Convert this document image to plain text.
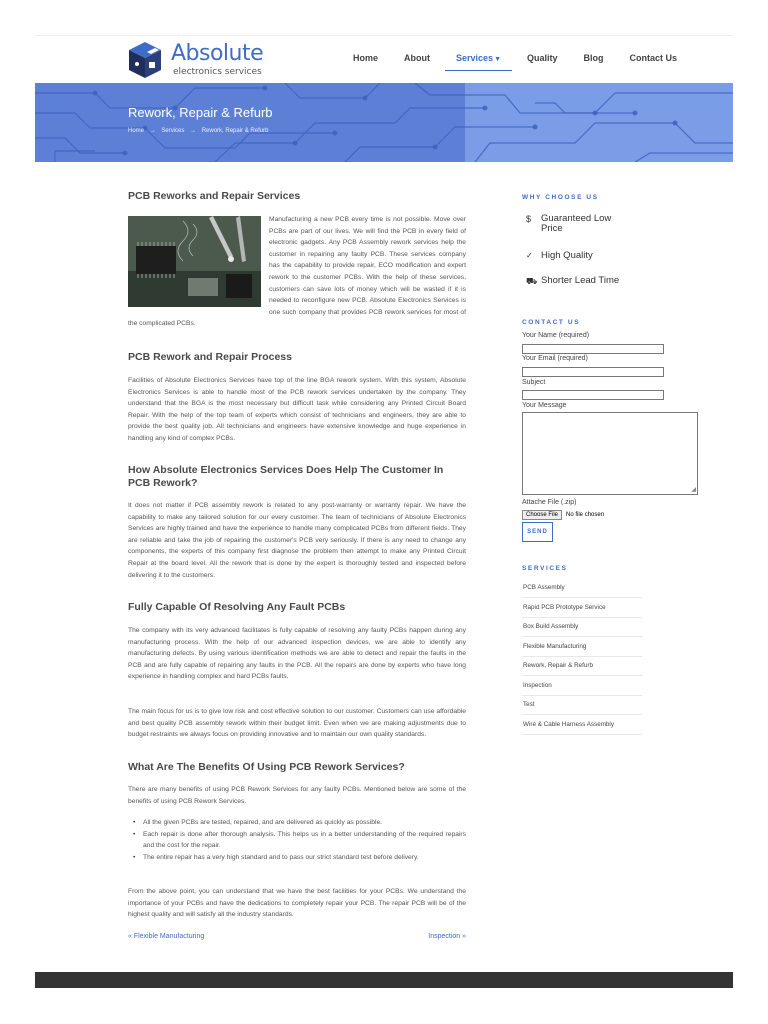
Absolute
electronics services
Home	About	Services▼	Quality	Blog	Contact Us
Rework, Repair & Refurb
Home → Services → Rework, Repair & Refurb
PCB Reworks and Repair Services

Manufacturing a new PCB every time is not possible. Move over PCBs are part of our lives. We will find the PCB in every field of electronic gadgets. Any PCB Assembly rework services help the customer in repairing any faulty PCB. These services company has the capability to provide repair, ECO modification and expert rework to the customer PCBs. With the help of these services, customers can save lots of money which will be wasted if it is needed to reconfigure new PCB. Absolute Electronics Services is one such company that provides PCB rework services for most of the complicated PCBs.

PCB Rework and Repair Process

Facilities of Absolute Electronics Services have top of the line BGA rework system. With this system, Absolute Electronics Services is able to handle most of the PCB rework services undertaken by the company. They understand that the BGA is the most necessary but difficult task while considering any Printed Circuit Board Repair. With the help of the top team of experts which consist of technicians and engineers, they are able to provide the best quality job. All technicians and engineers have extensive knowledge and huge experience in handling any kind of complex PCBs.

How Absolute Electronics Services Does Help The Customer In PCB Rework?

It does not matter if PCB assembly rework is related to any post-warranty or warranty repair. We have the capability to make any tailored solution for our every customer. The team of technicians of Absolute Electronics Services are highly trained and have the experience to handle many complicated PCBs from different fields. They are reliable and take the job of repairing the customer's PCB very seriously. If there is any need to change any components, the experts of this company first diagnose the problem then attempt to make any Printed Circuit Repair at the board level. All the rework that is done by the expert is thoroughly tested and inspected before delivering it to the customers.

Fully Capable Of Resolving Any Fault PCBs

The company with its very advanced facilitates is fully capable of resolving any faulty PCBs happen during any manufacturing process. With the help of our advanced inspection devices, we are able to identify any manufacturing defects. By using various identification methods we are able to detect and repair the faults in the PCB and are fully capable of repairing any faults in the PCB. All the repairs are done by experts who have long experience in handling complex and hard PCBs faults.

The main focus for us is to give low risk and cost effective solution to our customer. Customers can use affordable and best quality PCB assembly rework within their budget limit. Even when we are making adjustments due to budget restraints we always focus on providing innovative and to maintain our own quality standards.

What Are The Benefits Of Using PCB Rework Services?

There are many benefits of using PCB Rework Services for any faulty PCBs. Mentioned below are some of the benefits of using PCB Rework Services.

• All the given PCBs are tested, repaired, and are delivered as quickly as possible.
• Each repair is done after thorough analysis. This helps us in a better understanding of the required repairs and the cost for the repair.
• The entire repair has a very high standard and to pass our strict standard test before delivery.

From the above point, you can understand that we have the best facilities for your PCBs. We understand the importance of your PCBs and have the dedications to completely repair your PCB. The repair PCB will be of the highest quality and will satisfy all the industry standards.

« Flexible Manufacturing	Inspection »
WHY CHOOSE US
$ Guaranteed Low Price
✓ High Quality
⛟ Shorter Lead Time
CONTACT US
Your Name (required)
Your Email (required)
Subject
Your Message
◢
Attache File (.zip)
Choose File	No file chosen
SEND
SERVICES
PCB Assembly
Rapid PCB Prototype Service
Box Build Assembly
Flexible Manufacturing
Rework, Repair & Refurb
Inspection
Test
Wire & Cable Harness Assembly
